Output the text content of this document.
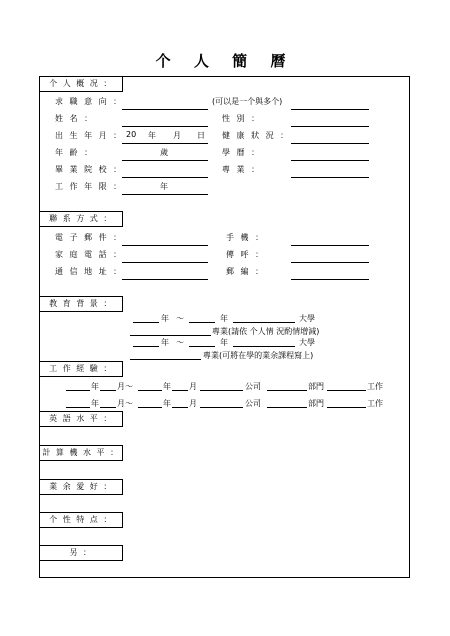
个 人 簡 曆
个 人 概 况 ：
求 職 意 向 ：	(可以是一个與多个)
姓 名 ：	性 別 ：
出 生 年 月 ： 20 年 月 日 健 康 狀 況 ：
年 齡 ：	歲	學 曆 ：
畢 業 院 校 ：	專 業 ：
工 作 年 限 ：	年
聯 系 方 式 ：
電 子 郵 件 ：	手 機 ：
家 庭 電 話 ：	傳 呼 ：
通 信 地 址 ：	郵 編 ：
教 育 背 景 ：
年 ～	年	大學
專業(請依 个人情 況酌情增減)
年 ～	年	大學
專業(可將在學的業余課程寫上)
工 作 經 驗 ：
年 月～	年 月	公司	部門	工作
年 月～	年 月	公司	部門	工作
英 語 水 平 ：
計 算 機 水 平 ：
業 余 愛 好 ：
个 性 特 点 ：
另 ：
